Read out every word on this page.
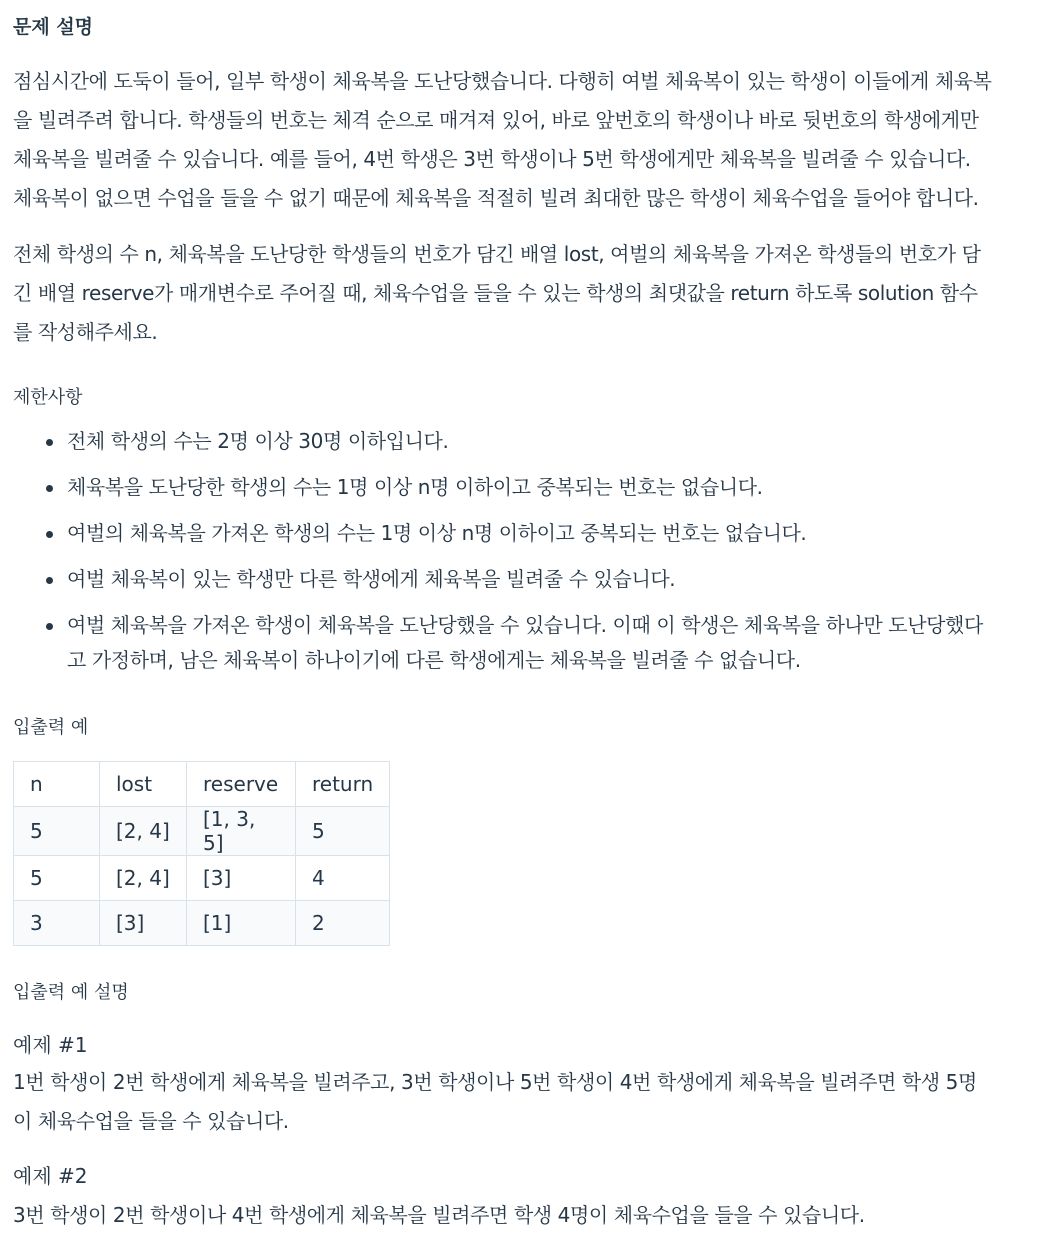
문제 설명

점심시간에 도둑이 들어, 일부 학생이 체육복을 도난당했습니다. 다행히 여벌 체육복이 있는 학생이 이들에게 체육복
을 빌려주려 합니다. 학생들의 번호는 체격 순으로 매겨져 있어, 바로 앞번호의 학생이나 바로 뒷번호의 학생에게만
체육복을 빌려줄 수 있습니다. 예를 들어, 4번 학생은 3번 학생이나 5번 학생에게만 체육복을 빌려줄 수 있습니다.
체육복이 없으면 수업을 들을 수 없기 때문에 체육복을 적절히 빌려 최대한 많은 학생이 체육수업을 들어야 합니다.

전체 학생의 수 n, 체육복을 도난당한 학생들의 번호가 담긴 배열 lost, 여벌의 체육복을 가져온 학생들의 번호가 담
긴 배열 reserve가 매개변수로 주어질 때, 체육수업을 들을 수 있는 학생의 최댓값을 return 하도록 solution 함수
를 작성해주세요.

제한사항
전체 학생의 수는 2명 이상 30명 이하입니다.
체육복을 도난당한 학생의 수는 1명 이상 n명 이하이고 중복되는 번호는 없습니다.
여벌의 체육복을 가져온 학생의 수는 1명 이상 n명 이하이고 중복되는 번호는 없습니다.
여벌 체육복이 있는 학생만 다른 학생에게 체육복을 빌려줄 수 있습니다.
여벌 체육복을 가져온 학생이 체육복을 도난당했을 수 있습니다. 이때 이 학생은 체육복을 하나만 도난당했다
고 가정하며, 남은 체육복이 하나이기에 다른 학생에게는 체육복을 빌려줄 수 없습니다.
입출력 예
n	lost	reserve	return
5	[2, 4]	[1, 3, 5]	5
5	[2, 4]	[3]	4
3	[3]	[1]	2
입출력 예 설명
예제 #1

1번 학생이 2번 학생에게 체육복을 빌려주고, 3번 학생이나 5번 학생이 4번 학생에게 체육복을 빌려주면 학생 5명
이 체육수업을 들을 수 있습니다.

예제 #2

3번 학생이 2번 학생이나 4번 학생에게 체육복을 빌려주면 학생 4명이 체육수업을 들을 수 있습니다.
